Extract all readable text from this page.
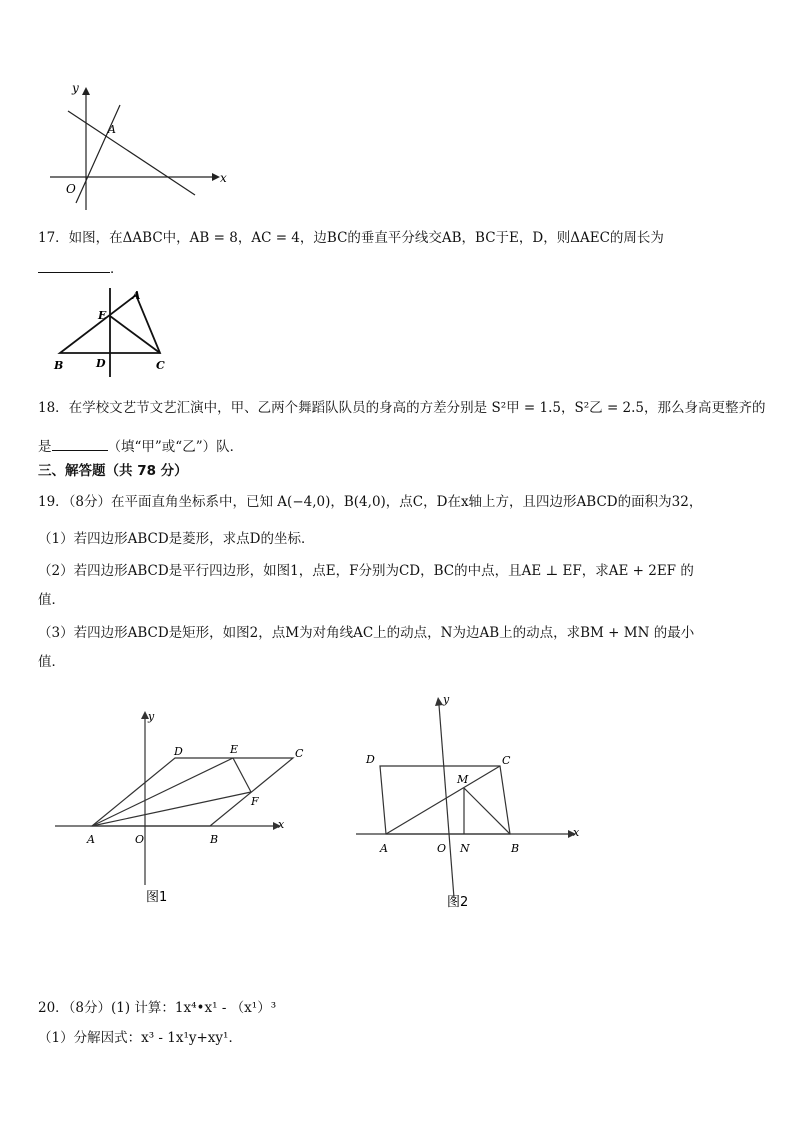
x
y
O
A
17．如图，在ΔABC中，AB = 8，AC = 4，边BC的垂直平分线交AB，BC于E，D，则ΔAEC的周长为
．
A
E
B	D	C
18．在学校文艺节文艺汇演中，甲、乙两个舞蹈队队员的身高的方差分别是 S²甲 = 1.5，S²乙 = 2.5，那么身高更整齐的
是	（填“甲”或“乙”）队．
三、解答题（共 78 分）
19．（8分）在平面直角坐标系中，已知 A(−4,0)，B(4,0)，点C，D在x轴上方，且四边形ABCD的面积为32，
（1）若四边形ABCD是菱形，求点D的坐标．
（2）若四边形ABCD是平行四边形，如图1，点E，F分别为CD，BC的中点，且AE ⊥ EF，求AE + 2EF 的
值．
（3）若四边形ABCD是矩形，如图2，点M为对角线AC上的动点，N为边AB上的动点，求BM + MN 的最小
值．
A	O	B
C
D	E
F
x
y
图1
A	O N	B
C
D
M
x
y
图2
20．（8分）(1) 计算：1x⁴•x¹ - （x¹）³
（1）分解因式：x³ - 1x¹y+xy¹．
